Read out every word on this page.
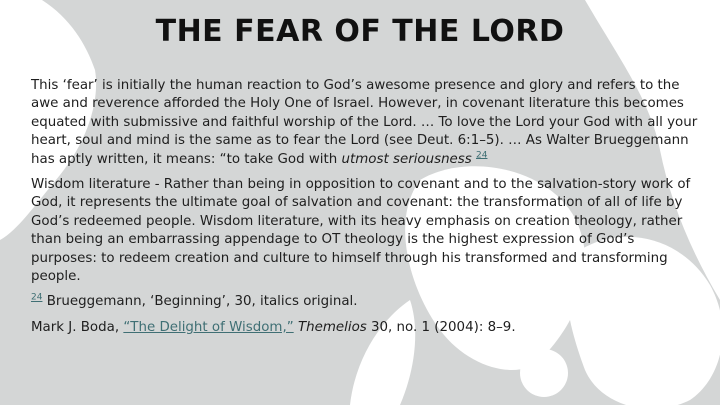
THE FEAR OF THE LORD

This ‘fear’ is initially the human reaction to God’s awesome presence and glory and refers to the awe and reverence afforded the Holy One of Israel. However, in covenant literature this becomes equated with submissive and faithful worship of the Lord. … To love the Lord your God with all your heart, soul and mind is the same as to fear the Lord (see Deut. 6:1–5). … As Walter Brueggemann has aptly written, it means: “to take God with utmost seriousness $^{24}$

Wisdom literature - Rather than being in opposition to covenant and to the salvation-story work of God, it represents the ultimate goal of salvation and covenant: the transformation of all of life by God’s redeemed people. Wisdom literature, with its heavy emphasis on creation theology, rather than being an embarrassing appendage to OT theology is the highest expression of God’s purposes: to redeem creation and culture to himself through his transformed and transforming people.

$^{24}$ Brueggemann, ‘Beginning’, 30, italics original.

Mark J. Boda, “The Delight of Wisdom,” Themelios 30, no. 1 (2004): 8–9.
